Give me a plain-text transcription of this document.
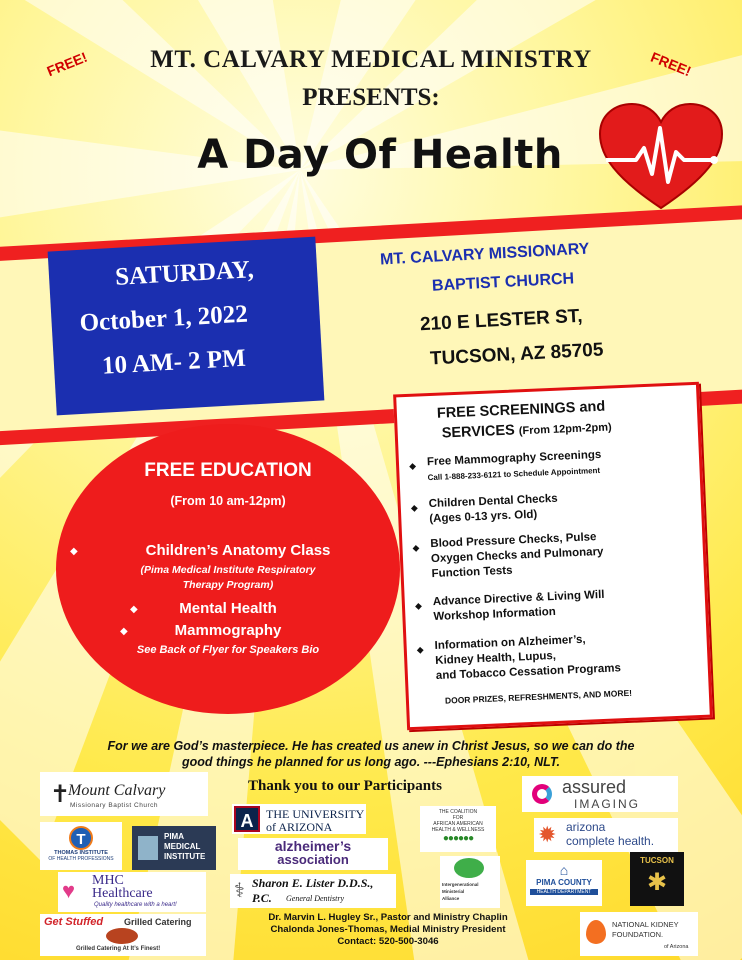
FREE!	FREE!
MT. CALVARY MEDICAL MINISTRY
PRESENTS:
A Day Of Health
SATURDAY,
October 1, 2022
10 AM- 2 PM
MT. CALVARY MISSIONARY
BAPTIST CHURCH
210 E LESTER ST,
TUCSON, AZ 85705
FREE EDUCATION
(From 10 am-12pm)
◆	Children’s Anatomy Class
(Pima Medical Institute Respiratory
Therapy Program)
◆	Mental Health
◆	Mammography
See Back of Flyer for Speakers Bio
FREE SCREENINGS and
SERVICES (From 12pm-2pm)
◆ Free Mammography Screenings
Call 1-888-233-6121 to Schedule Appointment
◆ Children Dental Checks
(Ages 0-13 yrs. Old)
◆ Blood Pressure Checks, Pulse
Oxygen Checks and Pulmonary
Function Tests
◆ Advance Directive & Living Will
Workshop Information
◆ Information on Alzheimer’s,
Kidney Health, Lupus,
and Tobacco Cessation Programs
DOOR PRIZES, REFRESHMENTS, AND MORE!
For we are God’s masterpiece. He has created us anew in Christ Jesus, so we can do the
good things he planned for us long ago. ---Ephesians 2:10, NLT.
Thank you to our Participants
✝
Mount Calvary
Missionary Baptist Church
A	THE UNIVERSITY
of ARIZONA
THE COALITION
FOR
AFRICAN AMERICAN
HEALTH & WELLNESS
●●●●●●
assured
IMAGING
T
THOMAS INSTITUTE
OF HEALTH PROFESSIONS
PIMA
MEDICAL
INSTITUTE
alzheimer’s
association
✹ arizona
complete health.
♥ MHC
Healthcare
Quality healthcare with a heart!
⚕ Sharon E. Lister D.D.S., P.C.	General Dentistry
Intergenerational
Ministerial
Alliance
⌂
PIMA COUNTY
HEALTH DEPARTMENT
TUCSON
✱
Get Stuffed Grilled Catering
Grilled Catering At It’s Finest!
NATIONAL KIDNEY
FOUNDATION.
of Arizona
Dr. Marvin L. Hugley Sr., Pastor and Ministry Chaplin
Chalonda Jones-Thomas, Medial Ministry President
Contact: 520-500-3046
